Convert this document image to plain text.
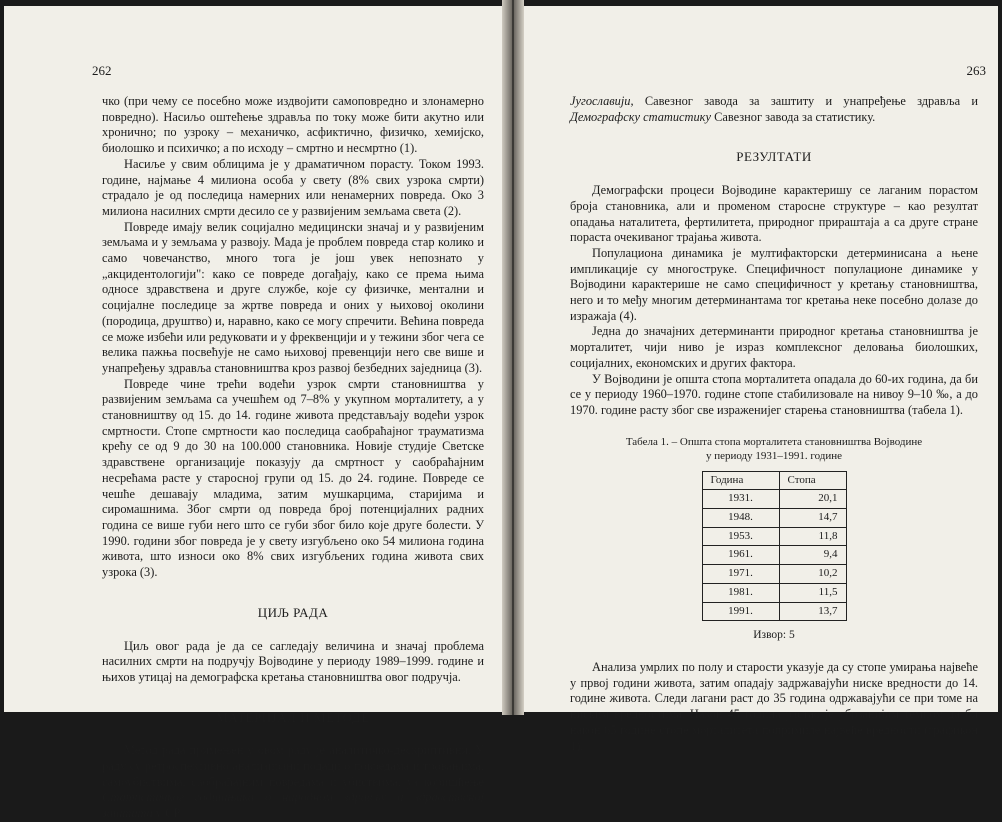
262

чко (при чему се посебно може издвојити самоповредно и злонамерно повредно). Насиљо оштећење здравља по току може бити акутно или хронично; по узроку – механичко, асфиктично, физичко, хемијско, биолошко и психичко; а по исходу – смртно и несмртно (1).

Насиље у свим облицима је у драматичном порасту. Током 1993. године, најмање 4 милиона особа у свету (8% свих узрока смрти) страдало је од последица намерних или ненамерних повреда. Око 3 милиона насилних смрти десило се у развијеним земљама света (2).

Повреде имају велик социјално медицински значај и у развијеним земљама и у земљама у развоју. Мада је проблем повреда стар колико и само човечанство, много тога је још увек непознато у „акцидентологији": како се повреде догађају, како се према њима односе здравствена и друге службе, које су физичке, ментални и социјалне последице за жртве повреда и оних у њиховој околини (породица, друштво) и, наравно, како се могу спречити. Већина повреда се може избећи или редуковати и у фреквенцији и у тежини због чега се велика пажња посвећује не само њиховој превенцији него све више и унапређењу здравља становништва кроз развој безбедних заједница (3).

Повреде чине трећи водећи узрок смрти становништва у развијеним земљама са учешћем од 7–8% у укупном морталитету, а у становништву од 15. до 14. године живота представљају водећи узрок смртности. Стопе смртности као последица саобраћајног трауматизма крећу се од 9 до 30 на 100.000 становника. Новије студије Светске здравствене организације показују да смртност у саобраћајним несрећама расте у старосној групи од 15. до 24. године. Повреде се чешће дешавају младима, затим мушкарцима, старијима и сиромашнима. Због смрти од повреда број потенцијалних радних година се више губи него што се губи због било које друге болести. У 1990. години због повреда је у свету изгубљено око 54 милиона година живота, што износи око 8% свих изгубљених година живота свих узрока (3).

ЦИЉ РАДА

Циљ овог рада је да се сагледају величина и значај проблема насилних смрти на подручју Војводине у периоду 1989–1999. године и њихов утицај на демографска кретања становништва овог подручја.

МАТЕРИЈАЛ И МЕТОДЕ

Метод рада примењен у овом раду је аналитичко-дескриптивни. У раду су ретроспективно анализирани подаци о повредама и тровањима, самоубиствима, саобраћајним повредама и убиствима, уз коришћење Статистичког годишњака о народном здрављу и здравственој заштити у СР

263

Југославији, Савезног завода за заштиту и унапређење здравља и Демографску статистику Савезног завода за статистику.

РЕЗУЛТАТИ

Демографски процеси Војводине карактеришу се лаганим порастом броја становника, али и променом старосне структуре – као резултат опадања наталитета, фертилитета, природног прираштаја а са друге стране пораста очекиваног трајања живота.

Популациона динамика је мултифакторски детерминисана а њене импликације су многоструке. Специфичност популационе динамике у Војводини карактерише не само специфичност у кретању становништва, него и то међу многим детерминантама тог кретања неке посебно долазе до изражаја (4).

Једна до значајних детерминанти природног кретања становништва је морталитет, чији ниво је израз комплексног деловања биолошких, социјалних, економских и других фактора.

У Војводини је општа стопа морталитета опадала до 60-их година, да би се у периоду 1960–1970. године стопе стабилизовале на нивоу 9–10 ‰, а до 1970. године расту због све израженијег старења становништва (табела 1).

Табела 1. – Општа стопа морталитета становништва Војводине
у периоду 1931–1991. године
Година	Стопа
1931.	20,1
1948.	14,7
1953.	11,8
1961.	9,4
1971.	10,2
1981.	11,5
1991.	13,7
Извор: 5

Анализа умрлих по полу и старости указује да су стопе умирања највеће у првој години живота, затим опадају задржавајући ниске вредности до 14. године живота. Следи лагани раст до 35 година одржавајући се при томе на ниским вредностима. Након 45 година растао је убрзанијим темпом да би након 65 године стопе морталитета попримиле највеће вредности (графикон 1).
